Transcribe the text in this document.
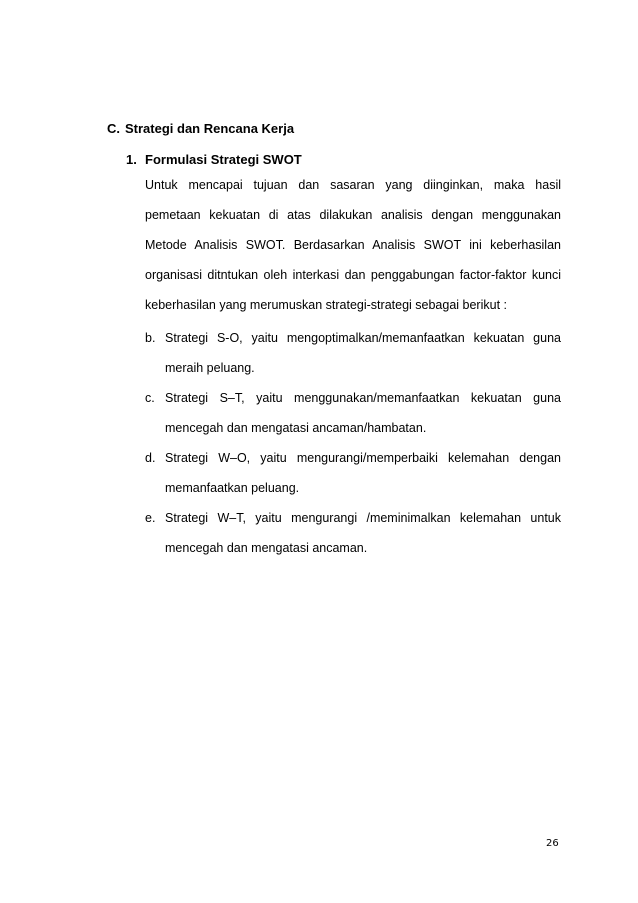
C. Strategi dan Rencana Kerja
1. Formulasi Strategi SWOT
Untuk mencapai tujuan dan sasaran yang diinginkan, maka hasil
pemetaan kekuatan di atas dilakukan analisis dengan menggunakan
Metode Analisis SWOT. Berdasarkan Analisis SWOT ini keberhasilan
organisasi ditntukan oleh interkasi dan penggabungan factor-faktor kunci
keberhasilan yang merumuskan strategi-strategi sebagai berikut :
b. Strategi S-O, yaitu mengoptimalkan/memanfaatkan kekuatan guna
meraih peluang.
c. Strategi S–T, yaitu menggunakan/memanfaatkan kekuatan guna
mencegah dan mengatasi ancaman/hambatan.
d. Strategi W–O, yaitu mengurangi/memperbaiki kelemahan dengan
memanfaatkan peluang.
e. Strategi W–T, yaitu mengurangi /meminimalkan kelemahan untuk
mencegah dan mengatasi ancaman.
26
